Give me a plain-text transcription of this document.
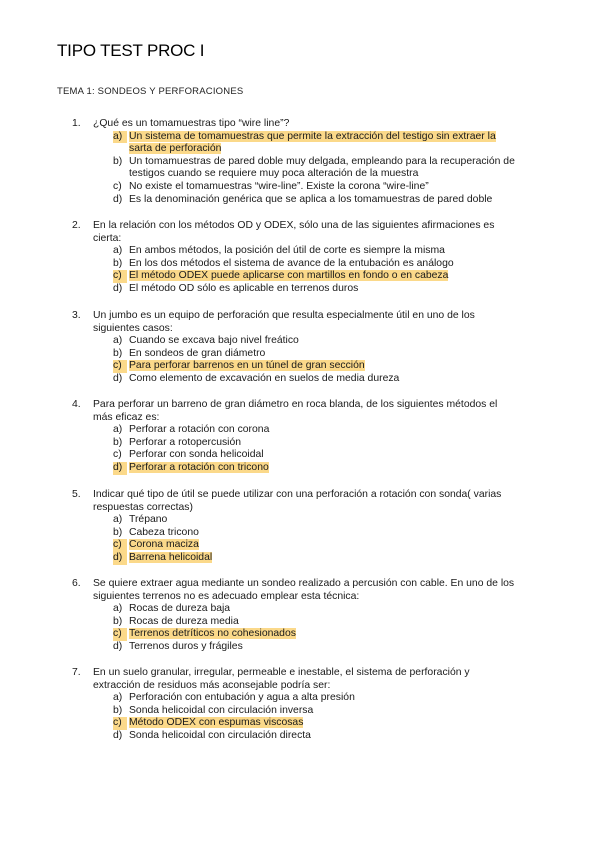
TIPO TEST PROC I
TEMA 1: SONDEOS Y PERFORACIONES
1. ¿Qué es un tomamuestras tipo “wire line”?
a) Un sistema de tomamuestras que permite la extracción del testigo sin extraer la
sarta de perforación
b) Un tomamuestras de pared doble muy delgada, empleando para la recuperación de
testigos cuando se requiere muy poca alteración de la muestra
c) No existe el tomamuestras “wire-line”. Existe la corona “wire-line”
d) Es la denominación genérica que se aplica a los tomamuestras de pared doble
2. En la relación con los métodos OD y ODEX, sólo una de las siguientes afirmaciones es
cierta:
a) En ambos métodos, la posición del útil de corte es siempre la misma
b) En los dos métodos el sistema de avance de la entubación es análogo
c) El método ODEX puede aplicarse con martillos en fondo o en cabeza
d) El método OD sólo es aplicable en terrenos duros
3. Un jumbo es un equipo de perforación que resulta especialmente útil en uno de los
siguientes casos:
a) Cuando se excava bajo nivel freático
b) En sondeos de gran diámetro
c) Para perforar barrenos en un túnel de gran sección
d) Como elemento de excavación en suelos de media dureza
4. Para perforar un barreno de gran diámetro en roca blanda, de los siguientes métodos el
más eficaz es:
a) Perforar a rotación con corona
b) Perforar a rotopercusión
c) Perforar con sonda helicoidal
d) Perforar a rotación con tricono
5. Indicar qué tipo de útil se puede utilizar con una perforación a rotación con sonda( varias
respuestas correctas)
a) Trépano
b) Cabeza tricono
c) Corona maciza
d) Barrena helicoidal
6. Se quiere extraer agua mediante un sondeo realizado a percusión con cable. En uno de los
siguientes terrenos no es adecuado emplear esta técnica:
a) Rocas de dureza baja
b) Rocas de dureza media
c) Terrenos detríticos no cohesionados
d) Terrenos duros y frágiles
7. En un suelo granular, irregular, permeable e inestable, el sistema de perforación y
extracción de residuos más aconsejable podría ser:
a) Perforación con entubación y agua a alta presión
b) Sonda helicoidal con circulación inversa
c) Método ODEX con espumas viscosas
d) Sonda helicoidal con circulación directa
